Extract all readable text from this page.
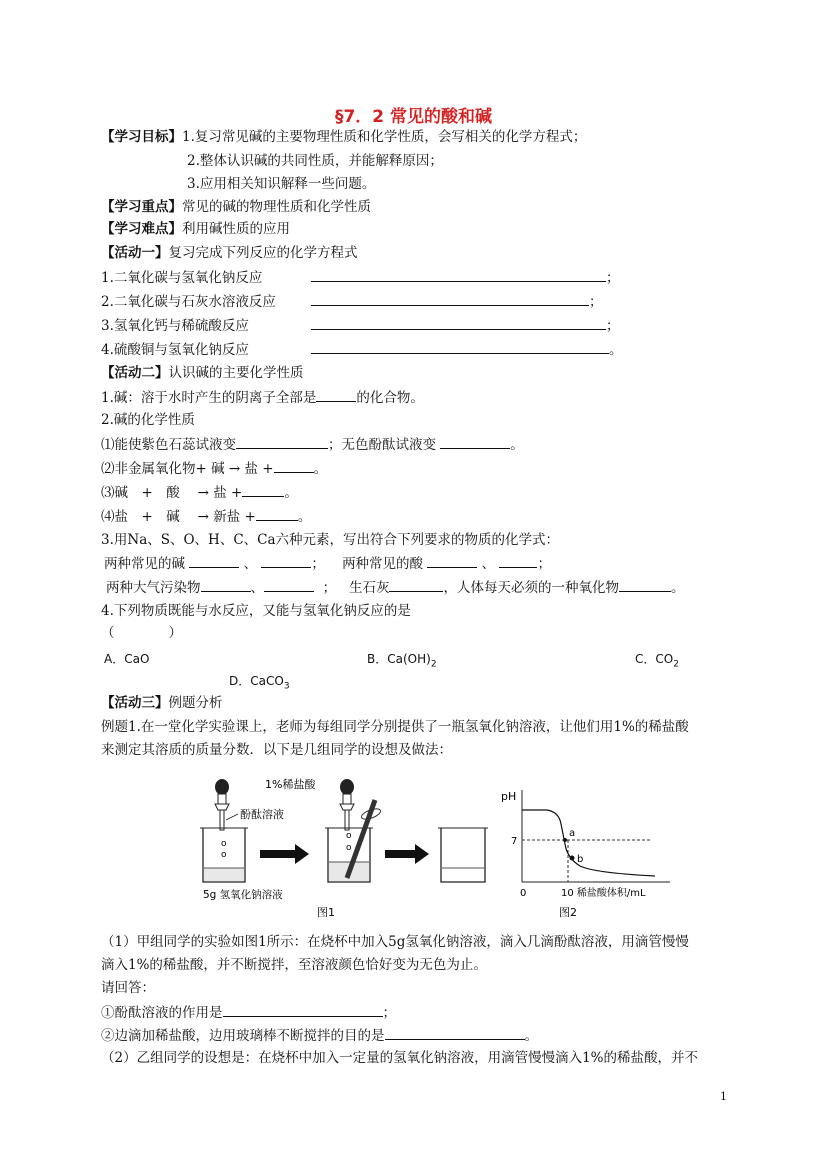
§7．2 常见的酸和碱
【学习目标】1.复习常见碱的主要物理性质和化学性质，会写相关的化学方程式；
2.整体认识碱的共同性质，并能解释原因；
3.应用相关知识解释一些问题。
【学习重点】常见的碱的物理性质和化学性质
【学习难点】利用碱性质的应用
【活动一】复习完成下列反应的化学方程式
1.二氧化碳与氢氧化钠反应	；
2.二氧化碳与石灰水溶液反应	；
3.氢氧化钙与稀硫酸反应	；
4.硫酸铜与氢氧化钠反应	。
【活动二】认识碱的主要化学性质
1.碱：溶于水时产生的阴离子全部是	的化合物。
2.碱的化学性质
⑴能使紫色石蕊试液变	；无色酚酞试液变	。
⑵非金属氧化物+ 碱 → 盐 +	。
⑶碱　+　酸　 → 盐 +	。
⑷盐　+　碱　 → 新盐 +	。
3.用Na、S、O、H、C、Ca六种元素，写出符合下列要求的物质的化学式：
两种常见的碱	、	； 两种常见的酸	、	；
两种大气污染物	、	； 生石灰	，人体每天必须的一种氧化物	。
4.下列物质既能与水反应，又能与氢氧化钠反应的是
（　　　　）
A．CaO	B．$Ca(OH)_2$	C．$CO_2$
D．CaCO$_3$
【活动三】例题分析
例题1.在一堂化学实验课上，老师为每组同学分别提供了一瓶氢氧化钠溶液，让他们用1%的稀盐酸
来测定其溶质的质量分数．以下是几组同学的设想及做法：
酚酞溶液
o
o
5g 氢氧化钠溶液
1%稀盐酸
o
o
图1
pH
7
a
b
0	10 稀盐酸体积/mL
图2
（1）甲组同学的实验如图1所示：在烧杯中加入5g氢氧化钠溶液，滴入几滴酚酞溶液，用滴管慢慢
滴入1%的稀盐酸，并不断搅拌，至溶液颜色恰好变为无色为止。
请回答：
①酚酞溶液的作用是	；
②边滴加稀盐酸，边用玻璃棒不断搅拌的目的是	。
（2）乙组同学的设想是：在烧杯中加入一定量的氢氧化钠溶液，用滴管慢慢滴入1%的稀盐酸，并不
1
